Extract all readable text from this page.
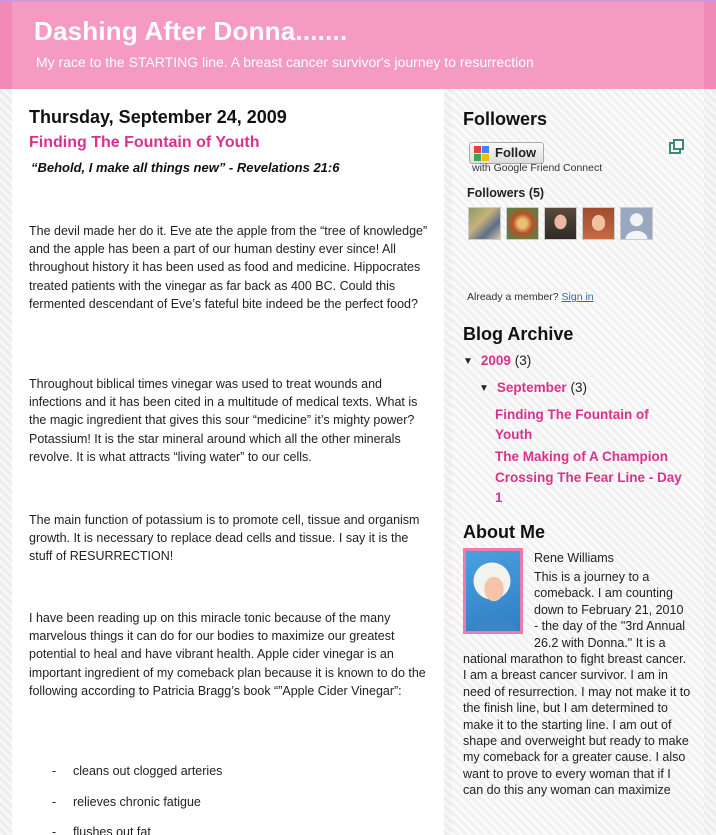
Dashing After Donna.......
My race to the STARTING line. A breast cancer survivor's journey to resurrection
Thursday, September 24, 2009
Finding The Fountain of Youth
“Behold, I make all things new” - Revelations 21:6
The devil made her do it. Eve ate the apple from the “tree of knowledge” and the apple has been a part of our human destiny ever since! All throughout history it has been used as food and medicine. Hippocrates treated patients with the vinegar as far back as 400 BC. Could this fermented descendant of Eve’s fateful bite indeed be the perfect food?
Throughout biblical times vinegar was used to treat wounds and infections and it has been cited in a multitude of medical texts. What is the magic ingredient that gives this sour “medicine” it’s mighty power? Potassium! It is the star mineral around which all the other minerals revolve. It is what attracts “living water” to our cells.
The main function of potassium is to promote cell, tissue and organism growth. It is necessary to replace dead cells and tissue. I say it is the stuff of RESURRECTION!
I have been reading up on this miracle tonic because of the many marvelous things it can do for our bodies to maximize our greatest potential to heal and have vibrant health. Apple cider vinegar is an important ingredient of my comeback plan because it is known to do the following according to Patricia Bragg’s book “”Apple Cider Vinegar”:
- cleans out clogged arteries
- relieves chronic fatigue
- flushes out fat
Followers
Follow
with Google Friend Connect
Followers (5)
Already a member? Sign in
Blog Archive
▼ 2009 (3)
▼ September (3)
Finding The Fountain of Youth
The Making of A Champion
Crossing The Fear Line - Day 1
About Me
Rene Williams
This is a journey to a comeback. I am counting down to February 21, 2010 - the day of the "3rd Annual 26.2 with Donna." It is a national marathon to fight breast cancer. I am a breast cancer survivor. I am in need of resurrection. I may not make it to the finish line, but I am determined to make it to the starting line. I am out of shape and overweight but ready to make my comeback for a greater cause. I also want to prove to every woman that if I can do this any woman can maximize
